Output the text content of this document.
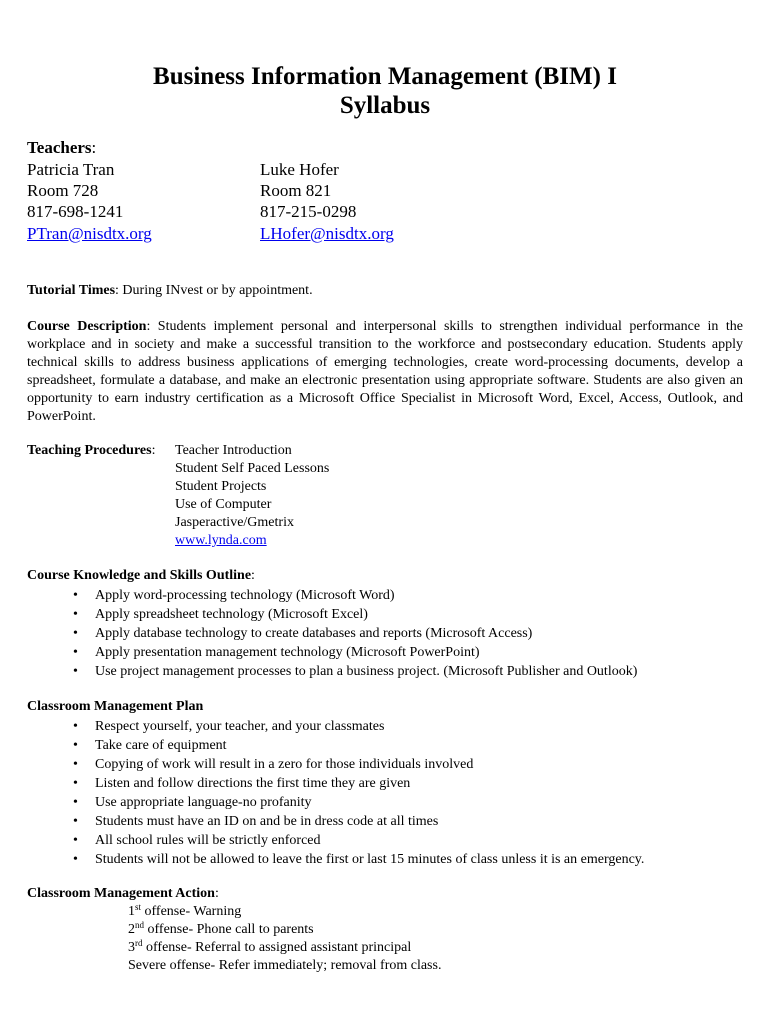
Business Information Management (BIM) I
Syllabus
Teachers:
Patricia Tran
Room 728
817-698-1241
PTran@nisdtx.org
Luke Hofer
Room 821
817-215-0298
LHofer@nisdtx.org
Tutorial Times: During INvest or by appointment.
Course Description: Students implement personal and interpersonal skills to strengthen individual performance in the workplace and in society and make a successful transition to the workforce and postsecondary education. Students apply technical skills to address business applications of emerging technologies, create word-processing documents, develop a spreadsheet, formulate a database, and make an electronic presentation using appropriate software. Students are also given an opportunity to earn industry certification as a Microsoft Office Specialist in Microsoft Word, Excel, Access, Outlook, and PowerPoint.
Teaching Procedures: Teacher Introduction
Student Self Paced Lessons
Student Projects
Use of Computer
Jasperactive/Gmetrix
www.lynda.com
Course Knowledge and Skills Outline:
• Apply word-processing technology (Microsoft Word)
• Apply spreadsheet technology (Microsoft Excel)
• Apply database technology to create databases and reports (Microsoft Access)
• Apply presentation management technology (Microsoft PowerPoint)
• Use project management processes to plan a business project. (Microsoft Publisher and Outlook)
Classroom Management Plan
• Respect yourself, your teacher, and your classmates
• Take care of equipment
• Copying of work will result in a zero for those individuals involved
• Listen and follow directions the first time they are given
• Use appropriate language-no profanity
• Students must have an ID on and be in dress code at all times
• All school rules will be strictly enforced
• Students will not be allowed to leave the first or last 15 minutes of class unless it is an emergency.
Classroom Management Action:
1st offense- Warning
2nd offense- Phone call to parents
3rd offense- Referral to assigned assistant principal
Severe offense- Refer immediately; removal from class.
